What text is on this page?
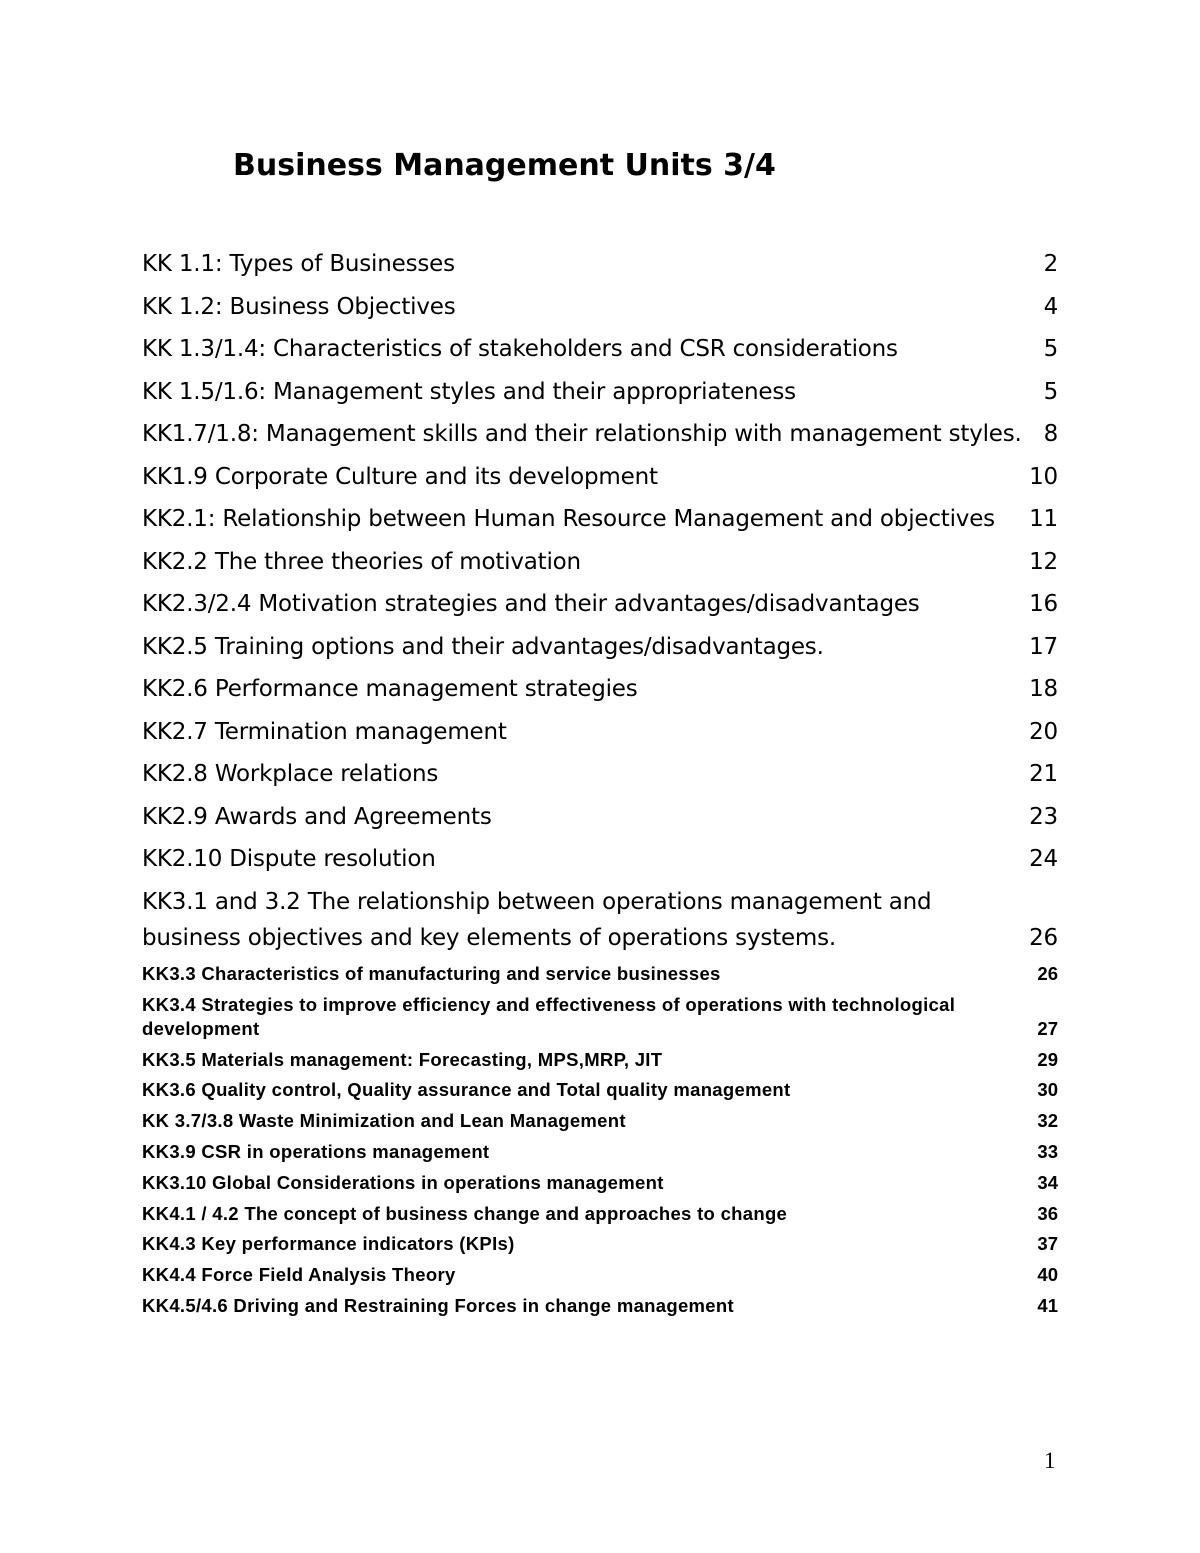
Business Management Units 3/4
KK 1.1: Types of Businesses	2
KK 1.2: Business Objectives	4
KK 1.3/1.4: Characteristics of stakeholders and CSR considerations	5
KK 1.5/1.6: Management styles and their appropriateness	5
KK1.7/1.8: Management skills and their relationship with management styles. 8
KK1.9 Corporate Culture and its development	10
KK2.1: Relationship between Human Resource Management and objectives	11
KK2.2 The three theories of motivation	12
KK2.3/2.4 Motivation strategies and their advantages/disadvantages	16
KK2.5 Training options and their advantages/disadvantages.	17
KK2.6 Performance management strategies	18
KK2.7 Termination management	20
KK2.8 Workplace relations	21
KK2.9 Awards and Agreements	23
KK2.10 Dispute resolution	24
KK3.1 and 3.2 The relationship between operations management and business objectives and key elements of operations systems.	26
KK3.3 Characteristics of manufacturing and service businesses	26
KK3.4 Strategies to improve efficiency and effectiveness of operations with technological development	27
KK3.5 Materials management: Forecasting, MPS,MRP, JIT	29
KK3.6 Quality control, Quality assurance and Total quality management	30
KK 3.7/3.8 Waste Minimization and Lean Management	32
KK3.9 CSR in operations management	33
KK3.10 Global Considerations in operations management	34
KK4.1 / 4.2 The concept of business change and approaches to change	36
KK4.3 Key performance indicators (KPIs)	37
KK4.4 Force Field Analysis Theory	40
KK4.5/4.6 Driving and Restraining Forces in change management	41
1
